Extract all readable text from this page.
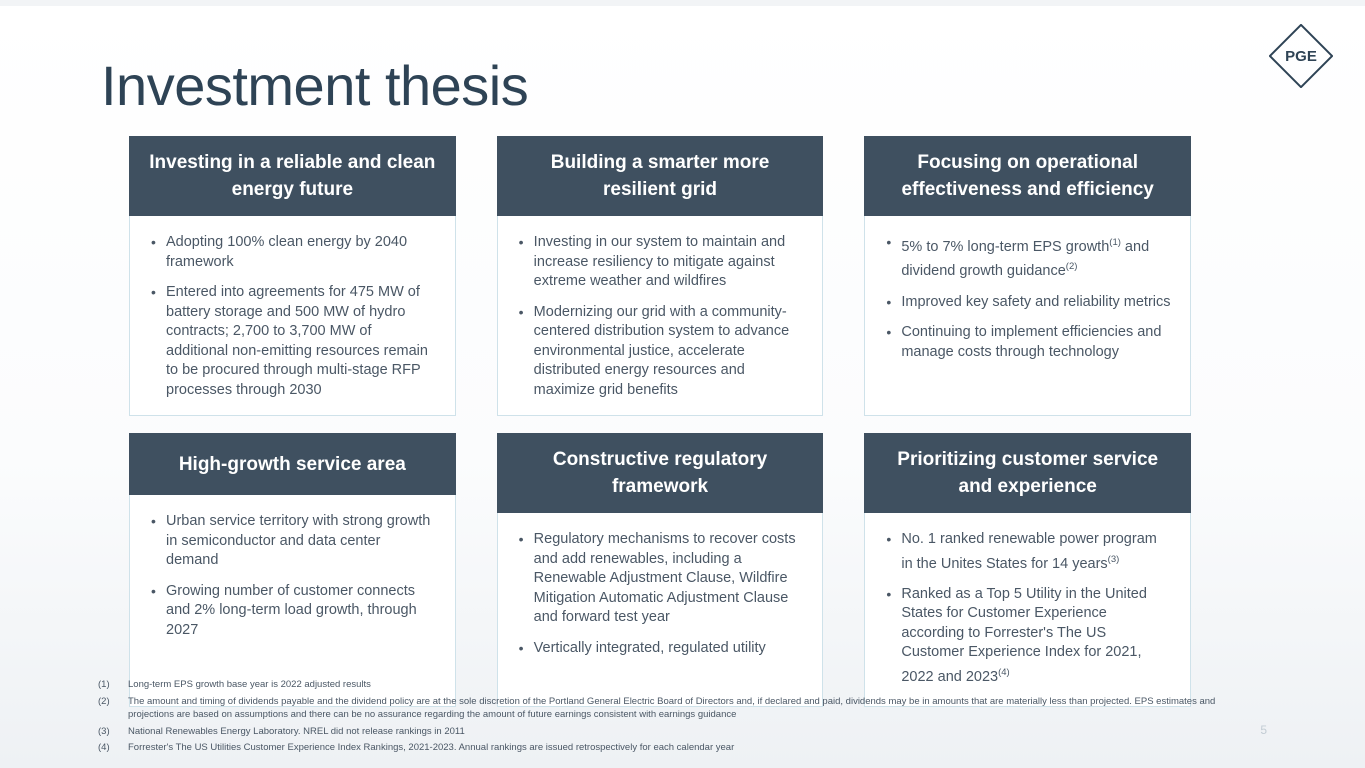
PGE
Investment thesis
Investing in a reliable and clean energy future
• Adopting 100% clean energy by 2040 framework
• Entered into agreements for 475 MW of battery storage and 500 MW of hydro contracts; 2,700 to 3,700 MW of additional non-emitting resources remain to be procured through multi-stage RFP processes through 2030
Building a smarter more resilient grid
• Investing in our system to maintain and increase resiliency to mitigate against extreme weather and wildfires
• Modernizing our grid with a community-centered distribution system to advance environmental justice, accelerate distributed energy resources and maximize grid benefits
Focusing on operational effectiveness and efficiency
• 5% to 7% long-term EPS growth$^{(1)}$ and dividend growth guidance$^{(2)}$
• Improved key safety and reliability metrics
• Continuing to implement efficiencies and manage costs through technology
High-growth service area
• Urban service territory with strong growth in semiconductor and data center demand
• Growing number of customer connects and 2% long-term load growth, through 2027
Constructive regulatory framework
• Regulatory mechanisms to recover costs and add renewables, including a Renewable Adjustment Clause, Wildfire Mitigation Automatic Adjustment Clause and forward test year
• Vertically integrated, regulated utility
Prioritizing customer service and experience
• No. 1 ranked renewable power program in the Unites States for 14 years$^{(3)}$
• Ranked as a Top 5 Utility in the United States for Customer Experience according to Forrester's The US Customer Experience Index for 2021, 2022 and 2023$^{(4)}$
(1)	Long-term EPS growth base year is 2022 adjusted results
(2)	The amount and timing of dividends payable and the dividend policy are at the sole discretion of the Portland General Electric Board of Directors and, if declared and paid, dividends may be in amounts that are materially less than projected. EPS estimates and projections are based on assumptions and there can be no assurance regarding the amount of future earnings consistent with earnings guidance
(3)	National Renewables Energy Laboratory. NREL did not release rankings in 2011
(4)	Forrester's The US Utilities Customer Experience Index Rankings, 2021-2023. Annual rankings are issued retrospectively for each calendar year
5
